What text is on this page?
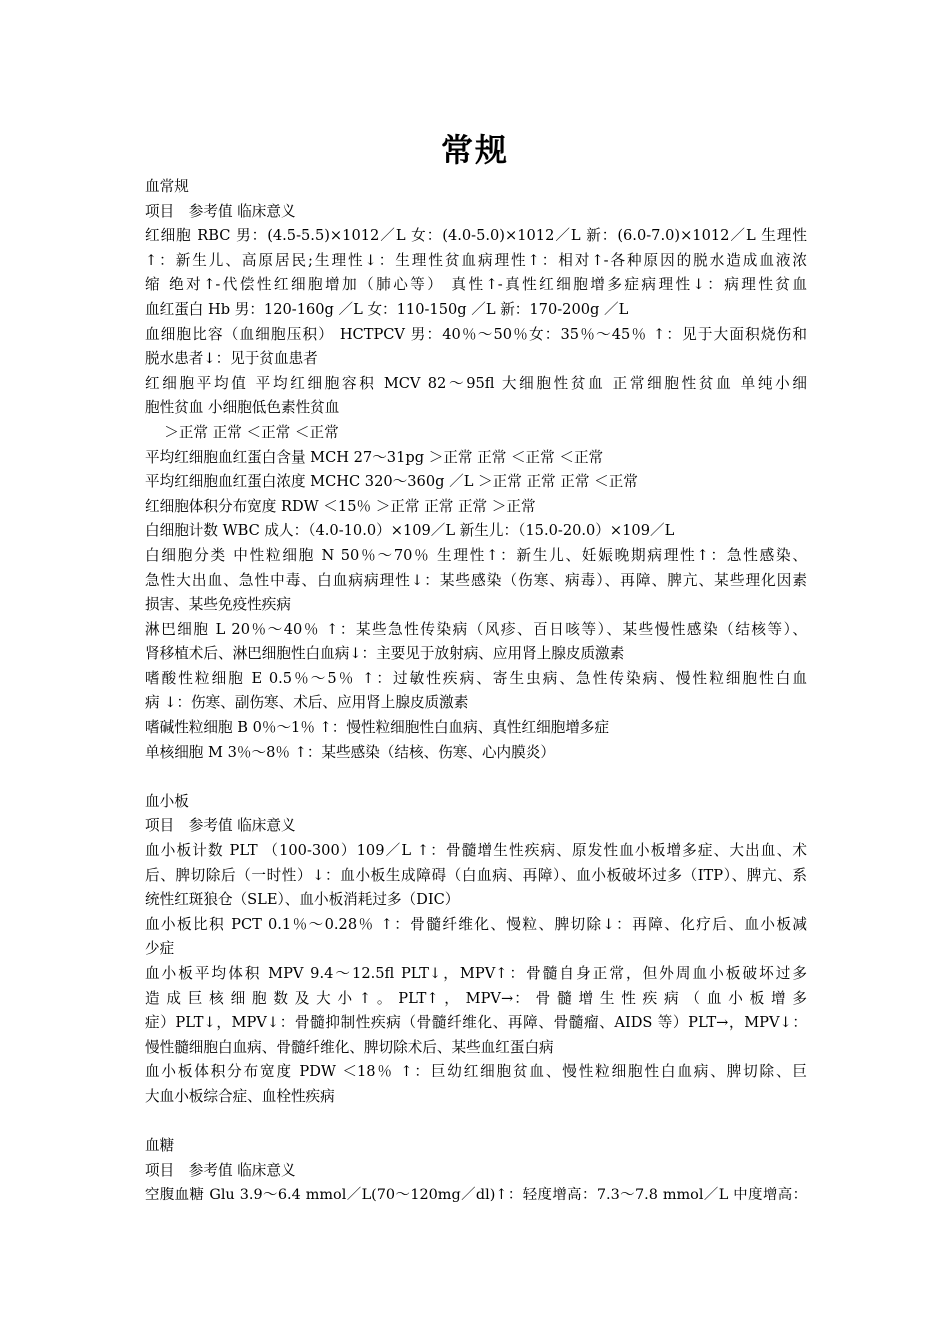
常规
血常规
项目　参考值 临床意义
红细胞 RBC 男：(4.5-5.5)×1012／L 女：(4.0-5.0)×1012／L 新：(6.0-7.0)×1012／L 生理性
↑：新生儿、高原居民;生理性↓：生理性贫血病理性↑：相对↑-各种原因的脱水造成血液浓
缩 绝对↑-代偿性红细胞增加（肺心等） 真性↑-真性红细胞增多症病理性↓：病理性贫血
血红蛋白 Hb 男：120-160g ／L 女：110-150g ／L 新：170-200g ／L
血细胞比容（血细胞压积） HCTPCV 男：40％～50％女：35％～45％ ↑：见于大面积烧伤和
脱水患者↓：见于贫血患者
红细胞平均值 平均红细胞容积 MCV 82～95fl 大细胞性贫血 正常细胞性贫血 单纯小细
胞性贫血 小细胞低色素性贫血
　 ＞正常 正常 ＜正常 ＜正常
平均红细胞血红蛋白含量 MCH 27～31pg ＞正常 正常 ＜正常 ＜正常
平均红细胞血红蛋白浓度 MCHC 320～360g ／L ＞正常 正常 正常 ＜正常
红细胞体积分布宽度 RDW ＜15％ ＞正常 正常 正常 ＞正常
白细胞计数 WBC 成人：（4.0-10.0）×109／L 新生儿：（15.0-20.0）×109／L
白细胞分类 中性粒细胞 N 50％～70％ 生理性↑：新生儿、妊娠晚期病理性↑：急性感染、
急性大出血、急性中毒、白血病病理性↓：某些感染（伤寒、病毒）、再障、脾亢、某些理化因素
损害、某些免疫性疾病
淋巴细胞 L 20％～40％ ↑：某些急性传染病（风疹、百日咳等）、某些慢性感染（结核等）、
肾移植术后、淋巴细胞性白血病↓：主要见于放射病、应用肾上腺皮质激素
嗜酸性粒细胞 E 0.5％～5％ ↑：过敏性疾病、寄生虫病、急性传染病、慢性粒细胞性白血
病 ↓：伤寒、副伤寒、术后、应用肾上腺皮质激素
嗜碱性粒细胞 B 0％～1％ ↑：慢性粒细胞性白血病、真性红细胞增多症
单核细胞 M 3％～8％ ↑：某些感染（结核、伤寒、心内膜炎）
血小板
项目　参考值 临床意义
血小板计数 PLT （100-300）109／L ↑：骨髓增生性疾病、原发性血小板增多症、大出血、术
后、脾切除后（一时性）↓：血小板生成障碍（白血病、再障）、血小板破坏过多（ITP）、脾亢、系
统性红斑狼仓（SLE）、血小板消耗过多（DIC）
血小板比积 PCT 0.1％～0.28％ ↑：骨髓纤维化、慢粒、脾切除↓：再障、化疗后、血小板减
少症
血小板平均体积 MPV 9.4～12.5fl PLT↓，MPV↑：骨髓自身正常，但外周血小板破坏过多
造 成 巨 核 细 胞 数 及 大 小 ↑ 。 PLT↑ ， MPV→： 骨 髓 增 生 性 疾 病 （ 血 小 板 增 多
症）PLT↓，MPV↓：骨髓抑制性疾病（骨髓纤维化、再障、骨髓瘤、AIDS 等）PLT→，MPV↓：
慢性髓细胞白血病、骨髓纤维化、脾切除术后、某些血红蛋白病
血小板体积分布宽度 PDW ＜18％ ↑：巨幼红细胞贫血、慢性粒细胞性白血病、脾切除、巨
大血小板综合症、血栓性疾病
血糖
项目　参考值 临床意义
空腹血糖 Glu 3.9～6.4 mmol／L(70～120mg／dl)↑：轻度增高：7.3～7.8 mmol／L 中度增高：
